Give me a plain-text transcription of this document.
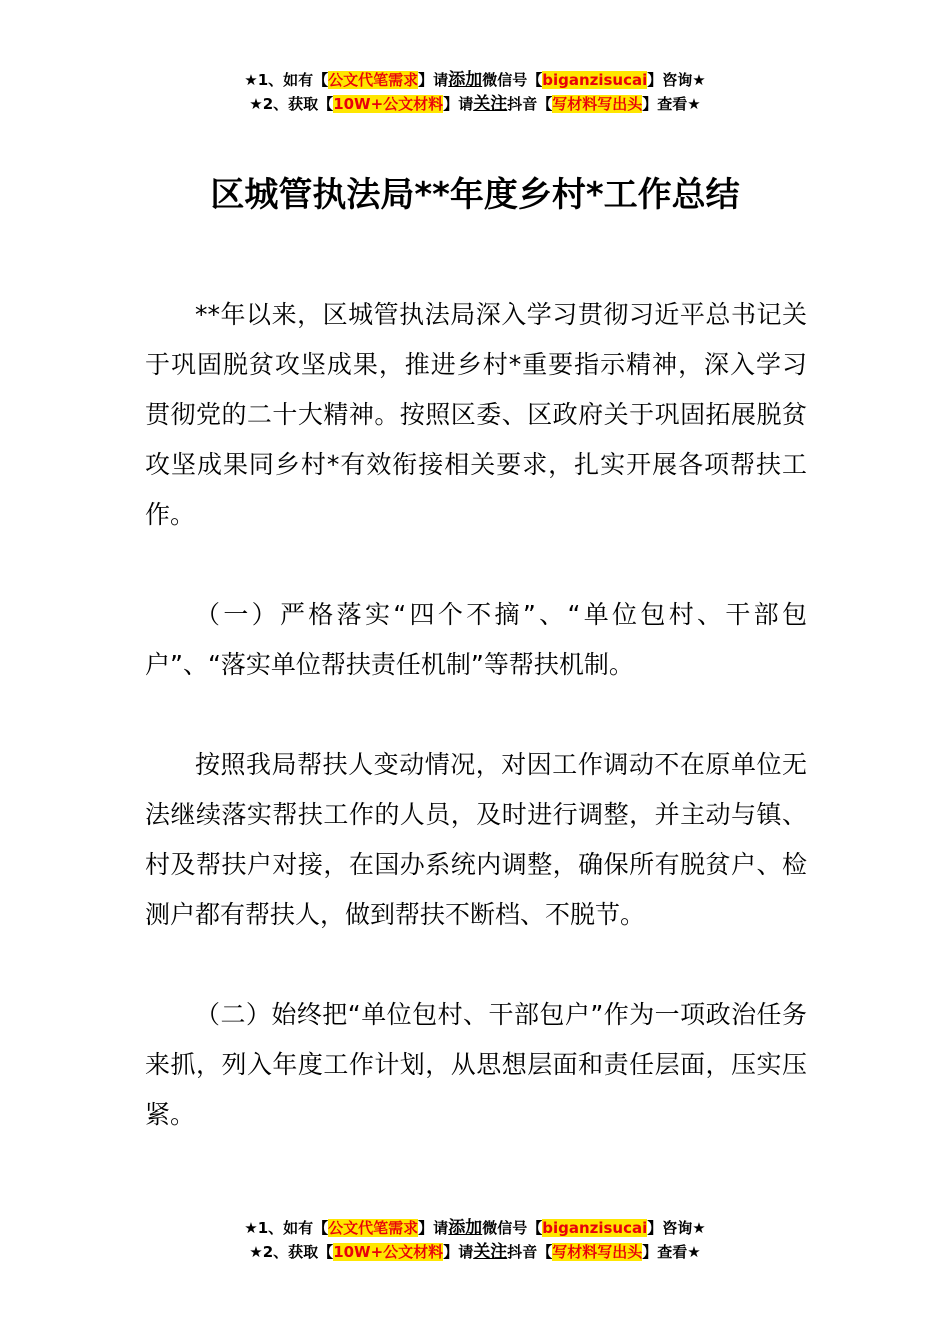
★1、如有【公文代笔需求】请添加微信号【biganzisucai】咨询★
★2、获取【10W+公文材料】请关注抖音【写材料写出头】查看★
区城管执法局**年度乡村*工作总结

**年以来，区城管执法局深入学习贯彻习近平总书记关于巩固脱贫攻坚成果，推进乡村*重要指示精神，深入学习贯彻党的二十大精神。按照区委、区政府关于巩固拓展脱贫攻坚成果同乡村*有效衔接相关要求，扎实开展各项帮扶工作。

（一）严格落实“四个不摘”、“单位包村、干部包户”、“落实单位帮扶责任机制”等帮扶机制。

按照我局帮扶人变动情况，对因工作调动不在原单位无法继续落实帮扶工作的人员，及时进行调整，并主动与镇、村及帮扶户对接，在国办系统内调整，确保所有脱贫户、检测户都有帮扶人，做到帮扶不断档、不脱节。

（二）始终把“单位包村、干部包户”作为一项政治任务来抓，列入年度工作计划，从思想层面和责任层面，压实压紧。

★1、如有【公文代笔需求】请添加微信号【biganzisucai】咨询★
★2、获取【10W+公文材料】请关注抖音【写材料写出头】查看★
